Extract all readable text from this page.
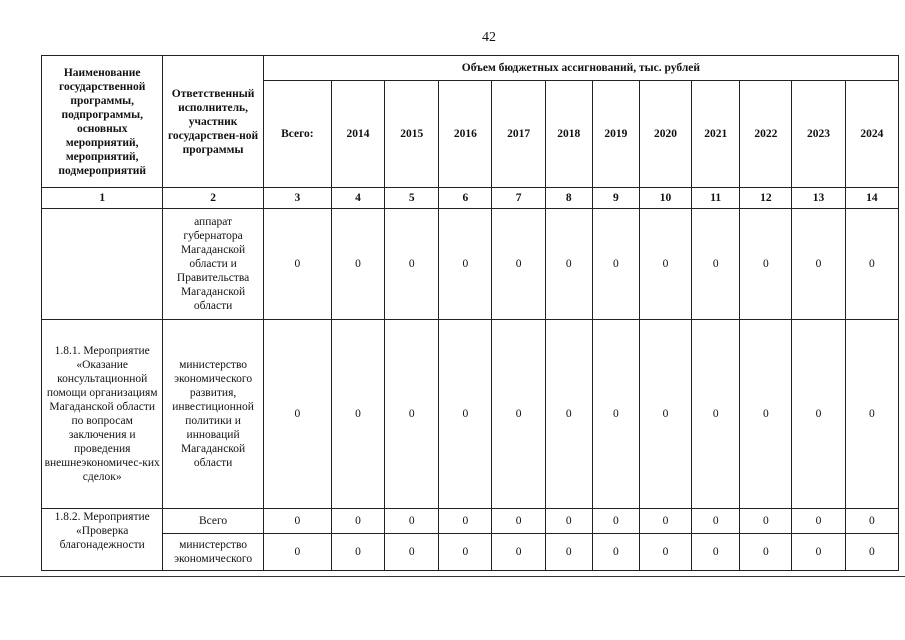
42
Наименование государственной программы, подпрограммы, основных мероприятий, мероприятий, подмероприятий	Ответственный исполнитель, участник государствен-ной программы	Объем бюджетных ассигнований, тыс. рублей											
		Всего:	2014	2015	2016	2017	2018	2019	2020	2021	2022	2023	2024
1	2	3	4	5	6	7	8	9	10	11	12	13	14
	аппарат губернатора Магаданской области и Правительства Магаданской области	0	0	0	0	0	0	0	0	0	0	0	0
1.8.1. Мероприятие «Оказание консультационной помощи организациям Магаданской области по вопросам заключения и проведения внешнеэкономичес-ких сделок»	министерство экономического развития, инвестиционной политики и инноваций Магаданской области	0	0	0	0	0	0	0	0	0	0	0	0
1.8.2. Мероприятие «Проверка благонадежности	Всего	0	0	0	0	0	0	0	0	0	0	0	0
	министерство экономического	0	0	0	0	0	0	0	0	0	0	0	0
